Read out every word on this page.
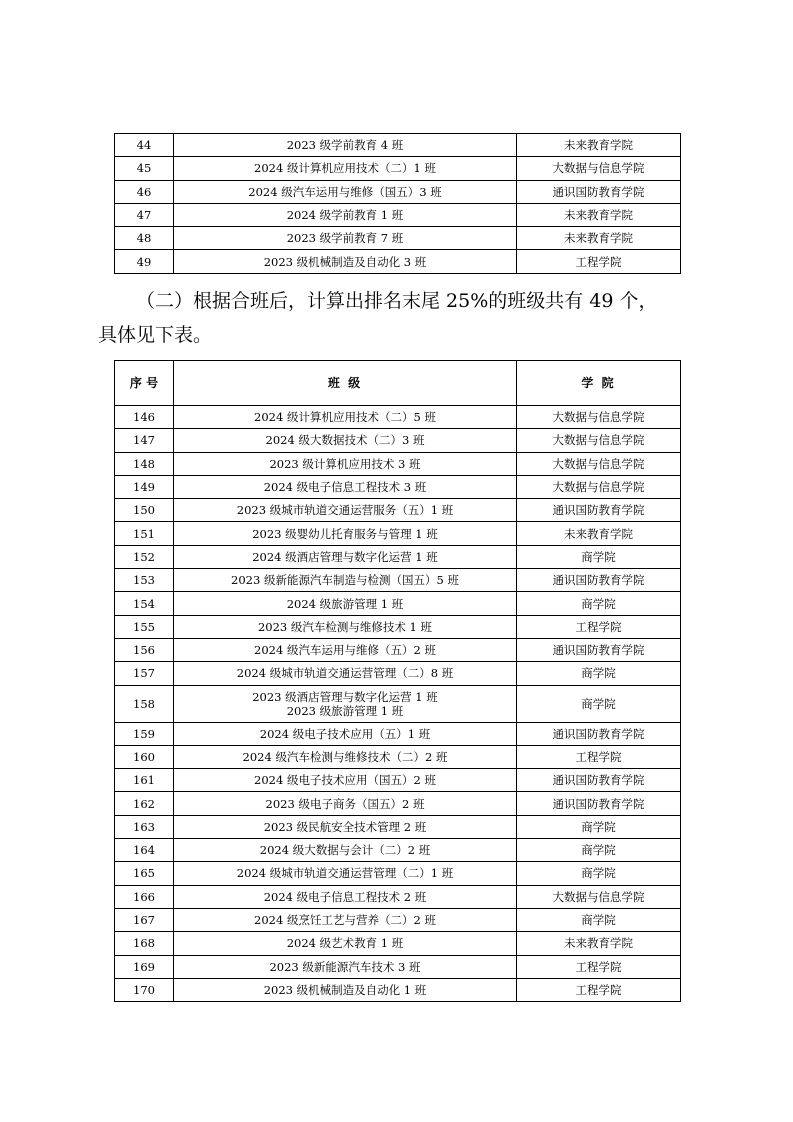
44	2023 级学前教育 4 班	未来教育学院
45	2024 级计算机应用技术（二）1 班	大数据与信息学院
46	2024 级汽车运用与维修（国五）3 班	通识国防教育学院
47	2024 级学前教育 1 班	未来教育学院
48	2023 级学前教育 7 班	未来教育学院
49	2023 级机械制造及自动化 3 班	工程学院
（二）根据合班后，计算出排名末尾 25%的班级共有 49 个，
具体见下表。
序 号	班 级	学 院
146	2024 级计算机应用技术（二）5 班	大数据与信息学院
147	2024 级大数据技术（二）3 班	大数据与信息学院
148	2023 级计算机应用技术 3 班	大数据与信息学院
149	2024 级电子信息工程技术 3 班	大数据与信息学院
150	2023 级城市轨道交通运营服务（五）1 班	通识国防教育学院
151	2023 级婴幼儿托育服务与管理 1 班	未来教育学院
152	2024 级酒店管理与数字化运营 1 班	商学院
153	2023 级新能源汽车制造与检测（国五）5 班	通识国防教育学院
154	2024 级旅游管理 1 班	商学院
155	2023 级汽车检测与维修技术 1 班	工程学院
156	2024 级汽车运用与维修（五）2 班	通识国防教育学院
157	2024 级城市轨道交通运营管理（二）8 班	商学院
158	2023 级酒店管理与数字化运营 1 班
2023 级旅游管理 1 班	商学院
159	2024 级电子技术应用（五）1 班	通识国防教育学院
160	2024 级汽车检测与维修技术（二）2 班	工程学院
161	2024 级电子技术应用（国五）2 班	通识国防教育学院
162	2023 级电子商务（国五）2 班	通识国防教育学院
163	2023 级民航安全技术管理 2 班	商学院
164	2024 级大数据与会计（二）2 班	商学院
165	2024 级城市轨道交通运营管理（二）1 班	商学院
166	2024 级电子信息工程技术 2 班	大数据与信息学院
167	2024 级烹饪工艺与营养（二）2 班	商学院
168	2024 级艺术教育 1 班	未来教育学院
169	2023 级新能源汽车技术 3 班	工程学院
170	2023 级机械制造及自动化 1 班	工程学院
